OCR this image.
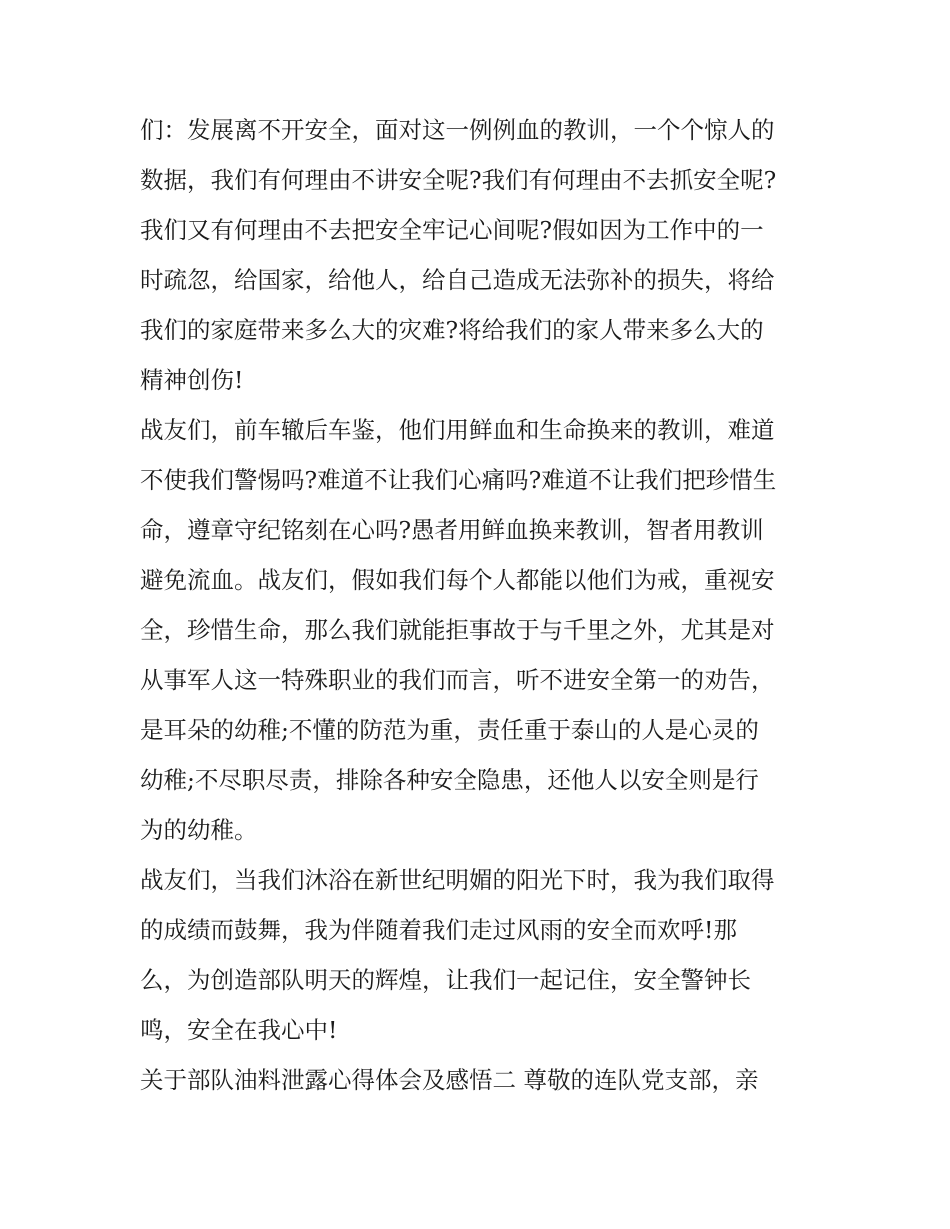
们：发展离不开安全，面对这一例例血的教训，一个个惊人的
数据，我们有何理由不讲安全呢?我们有何理由不去抓安全呢?
我们又有何理由不去把安全牢记心间呢?假如因为工作中的一
时疏忽，给国家，给他人，给自己造成无法弥补的损失，将给
我们的家庭带来多么大的灾难?将给我们的家人带来多么大的
精神创伤!
战友们，前车辙后车鉴，他们用鲜血和生命换来的教训，难道
不使我们警惕吗?难道不让我们心痛吗?难道不让我们把珍惜生
命，遵章守纪铭刻在心吗?愚者用鲜血换来教训，智者用教训
避免流血。战友们，假如我们每个人都能以他们为戒，重视安
全，珍惜生命，那么我们就能拒事故于与千里之外，尤其是对
从事军人这一特殊职业的我们而言，听不进安全第一的劝告，
是耳朵的幼稚;不懂的防范为重，责任重于泰山的人是心灵的
幼稚;不尽职尽责，排除各种安全隐患，还他人以安全则是行
为的幼稚。
战友们，当我们沐浴在新世纪明媚的阳光下时，我为我们取得
的成绩而鼓舞，我为伴随着我们走过风雨的安全而欢呼!那
么，为创造部队明天的辉煌，让我们一起记住，安全警钟长
鸣，安全在我心中!
关于部队油料泄露心得体会及感悟二 尊敬的连队党支部，亲
